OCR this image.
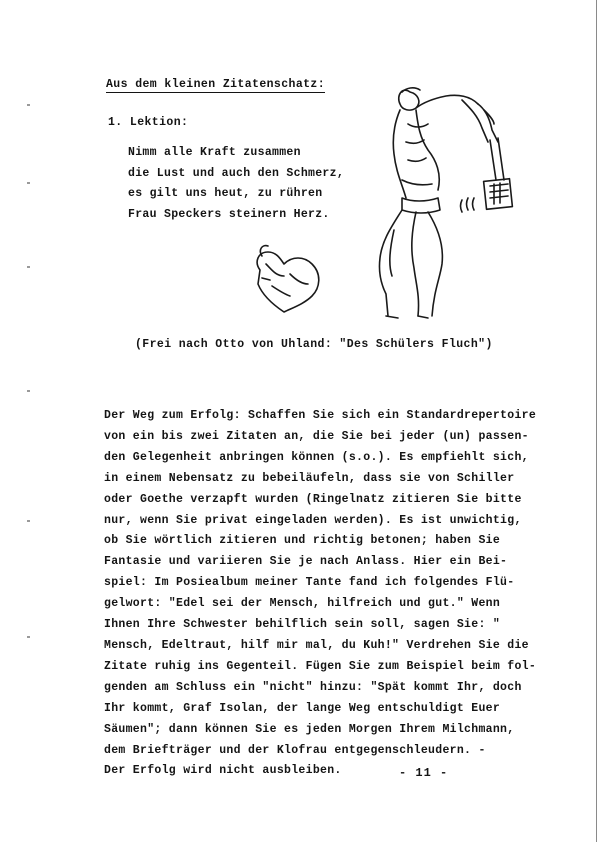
Aus dem kleinen Zitatenschatz:
1. Lektion:
Nimm alle Kraft zusammen
die Lust und auch den Schmerz,
es gilt uns heut, zu rühren
Frau Speckers steinern Herz.
(Frei nach Otto von Uhland: "Des Schülers Fluch")
Der Weg zum Erfolg: Schaffen Sie sich ein Standardrepertoire
von ein bis zwei Zitaten an, die Sie bei jeder (un) passen-
den Gelegenheit anbringen können (s.o.). Es empfiehlt sich,
in einem Nebensatz zu bebeiläufeln, dass sie von Schiller
oder Goethe verzapft wurden (Ringelnatz zitieren Sie bitte
nur, wenn Sie privat eingeladen werden). Es ist unwichtig,
ob Sie wörtlich zitieren und richtig betonen; haben Sie
Fantasie und variieren Sie je nach Anlass. Hier ein Bei-
spiel: Im Posiealbum meiner Tante fand ich folgendes Flü-
gelwort: "Edel sei der Mensch, hilfreich und gut." Wenn
Ihnen Ihre Schwester behilflich sein soll, sagen Sie: "
Mensch, Edeltraut, hilf mir mal, du Kuh!" Verdrehen Sie die
Zitate ruhig ins Gegenteil. Fügen Sie zum Beispiel beim fol-
genden am Schluss ein "nicht" hinzu: "Spät kommt Ihr, doch
Ihr kommt, Graf Isolan, der lange Weg entschuldigt Euer
Säumen"; dann können Sie es jeden Morgen Ihrem Milchmann,
dem Briefträger und der Klofrau entgegenschleudern. -
Der Erfolg wird nicht ausbleiben.	- 11 -
